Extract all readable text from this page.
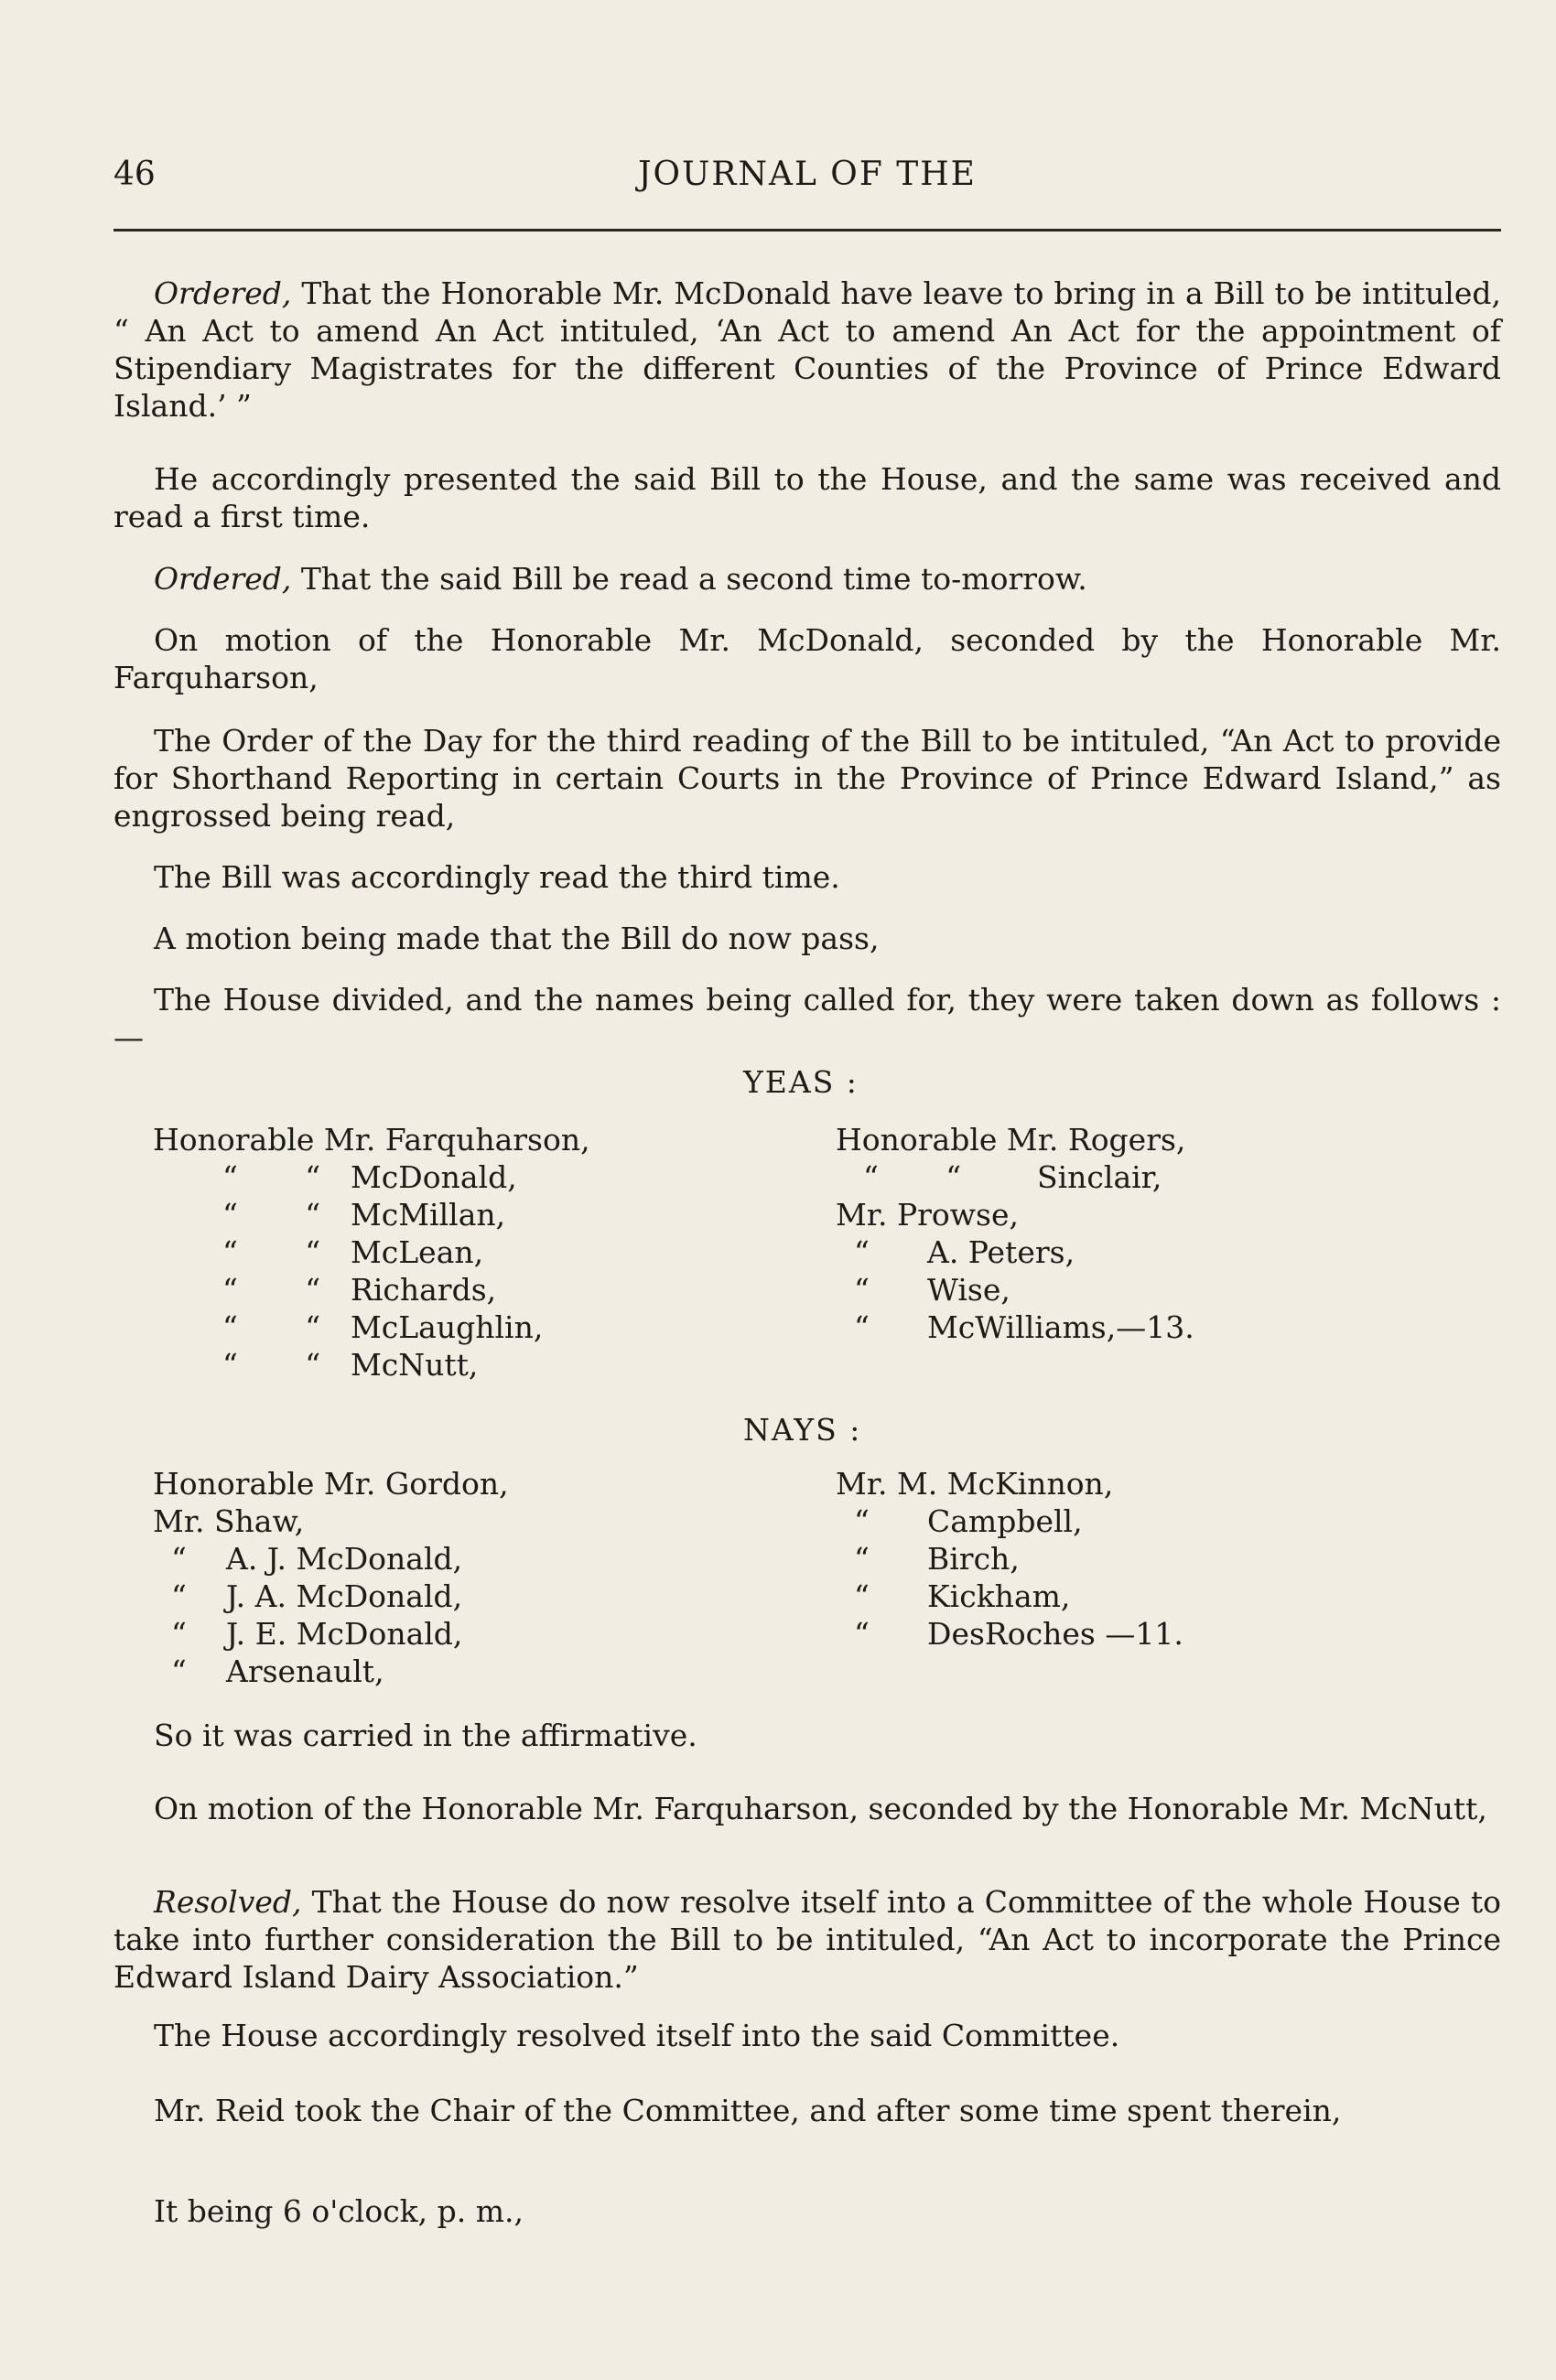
46	JOURNAL OF THE

Ordered, That the Honorable Mr. McDonald have leave to bring in a Bill to be intituled, “ An Act to amend An Act intituled, ‘An Act to amend An Act for the appointment of Stipendiary Magistrates for the different Counties of the Province of Prince Edward Island.’ ”

He accordingly presented the said Bill to the House, and the same was received and read a first time.

Ordered, That the said Bill be read a second time to-morrow.

On motion of the Honorable Mr. McDonald, seconded by the Honorable Mr. Farquharson,

The Order of the Day for the third reading of the Bill to be intituled, “An Act to provide for Shorthand Reporting in certain Courts in the Province of Prince Edward Island,” as engrossed being read,

The Bill was accordingly read the third time.

A motion being made that the Bill do now pass,

The House divided, and the names being called for, they were taken down as follows : —

YEAS :
Honorable Mr. Farquharson,
“       “ McDonald,
“       “ McMillan,
“       “ McLean,
“       “ Richards,
“       “ McLaughlin,
“       “ McNutt,
Honorable Mr. Rogers,
“       “	Sinclair,
Mr. Prowse,
“ A. Peters,
“ Wise,
“ McWilliams,—13.
NAYS :
Honorable Mr. Gordon,
Mr. Shaw,
“ A. J. McDonald,
“ J. A. McDonald,
“ J. E. McDonald,
“ Arsenault,
Mr. M. McKinnon,
“ Campbell,
“ Birch,
“ Kickham,
“ DesRoches —11.

So it was carried in the affirmative.

On motion of the Honorable Mr. Farquharson, seconded by the Honorable Mr. McNutt,

Resolved, That the House do now resolve itself into a Committee of the whole House to take into further consideration the Bill to be intituled, “An Act to incorporate the Prince Edward Island Dairy Association.”

The House accordingly resolved itself into the said Committee.

Mr. Reid took the Chair of the Committee, and after some time spent therein,

It being 6 o'clock, p. m.,
